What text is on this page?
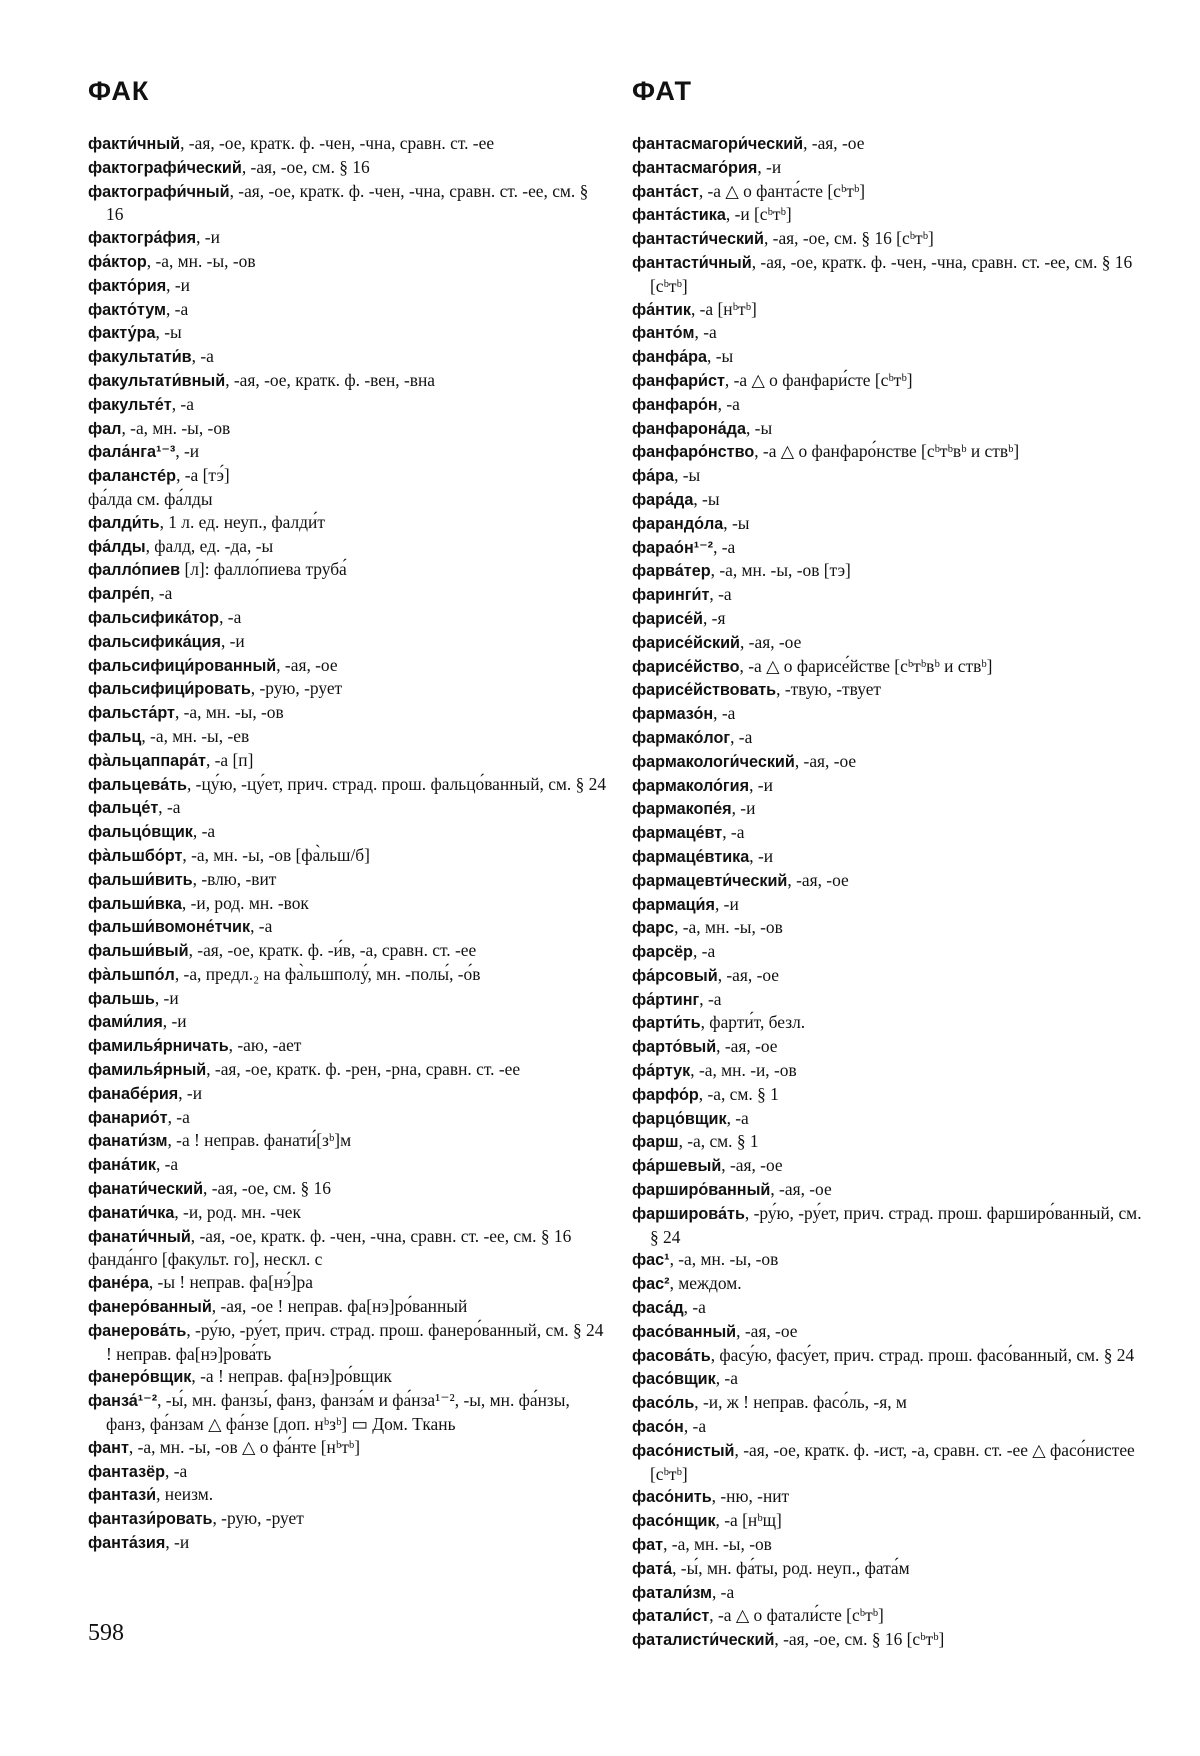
ФАК	ФАТ
факти́чный, -ая, -ое, кратк. ф. -чен, -чна, сравн. ст. -ее
фактографи́ческий, -ая, -ое, см. § 16
фактографи́чный, -ая, -ое, кратк. ф. -чен, -чна, сравн. ст. -ее, см. § 16
фактогра́фия, -и
фа́ктор, -а, мн. -ы, -ов
факто́рия, -и
факто́тум, -а
факту́ра, -ы
факультати́в, -а
факультати́вный, -ая, -ое, кратк. ф. -вен, -вна
факульте́т, -а
фал, -а, мн. -ы, -ов
фала́нга¹⁻³, -и
фаланстéр, -а [тэ́]
фа́лда см. фа́лды
фалди́ть, 1 л. ед. неуп., фалди́т
фа́лды, фалд, ед. -да, -ы
фалло́пиев [л]: фалло́пиева труба́
фалре́п, -а
фальсифика́тор, -а
фальсифика́ция, -и
фальсифици́рованный, -ая, -ое
фальсифици́ровать, -рую, -рует
фальста́рт, -а, мн. -ы, -ов
фальц, -а, мн. -ы, -ев
фа̀льцаппара́т, -а [п]
фальцева́ть, -цу́ю, -цу́ет, прич. страд. прош. фальцо́ванный, см. § 24
фальце́т, -а
фальцо́вщик, -а
фа̀льшбо́рт, -а, мн. -ы, -ов [фа̀льш/б]
фальши́вить, -влю, -вит
фальши́вка, -и, род. мн. -вок
фальши́вомоне́тчик, -а
фальши́вый, -ая, -ое, кратк. ф. -и́в, -а, сравн. ст. -ее
фа̀льшпо́л, -а, предл.₂ на фа̀льшполу́, мн. -полы́, -о́в
фальшь, -и
фами́лия, -и
фамилья́рничать, -аю, -ает
фамилья́рный, -ая, -ое, кратк. ф. -рен, -рна, сравн. ст. -ее
фанабе́рия, -и
фанарио́т, -а
фанати́зм, -а ! неправ. фанати́[зᵇ]м
фана́тик, -а
фанати́ческий, -ая, -ое, см. § 16
фанати́чка, -и, род. мн. -чек
фанати́чный, -ая, -ое, кратк. ф. -чен, -чна, сравн. ст. -ее, см. § 16
фанда́нго [факульт. го], нескл. с
фане́ра, -ы ! неправ. фа[нэ́]ра
фанеро́ванный, -ая, -ое ! неправ. фа[нэ]ро́ванный
фанерова́ть, -ру́ю, -ру́ет, прич. страд. прош. фанеро́ванный, см. § 24 ! неправ. фа[нэ]рова́ть
фанеро́вщик, -а ! неправ. фа[нэ]ро́вщик
фанза́¹⁻², -ы́, мн. фанзы́, фанз, фанза́м и фа́нза¹⁻², -ы, мн. фа́нзы, фанз, фа́нзам △ фа́нзе [доп. нᵇзᵇ] ▭ Дом. Ткань
фант, -а, мн. -ы, -ов △ о фа́нте [нᵇтᵇ]
фантазёр, -а
фантази́, неизм.
фантази́ровать, -рую, -рует
фанта́зия, -и
фантасмагори́ческий, -ая, -ое
фантасмаго́рия, -и
фанта́ст, -а △ о фанта́сте [сᵇтᵇ]
фанта́стика, -и [сᵇтᵇ]
фантасти́ческий, -ая, -ое, см. § 16 [сᵇтᵇ]
фантасти́чный, -ая, -ое, кратк. ф. -чен, -чна, сравн. ст. -ее, см. § 16 [сᵇтᵇ]
фа́нтик, -а [нᵇтᵇ]
фанто́м, -а
фанфа́ра, -ы
фанфари́ст, -а △ о фанфари́сте [сᵇтᵇ]
фанфаро́н, -а
фанфарона́да, -ы
фанфаро́нство, -а △ о фанфаро́нстве [сᵇтᵇвᵇ и ствᵇ]
фа́ра, -ы
фара́да, -ы
фарандо́ла, -ы
фарао́н¹⁻², -а
фарва́тер, -а, мн. -ы, -ов [тэ]
фаринги́т, -а
фарисе́й, -я
фарисе́йский, -ая, -ое
фарисе́йство, -а △ о фарисе́йстве [сᵇтᵇвᵇ и ствᵇ]
фарисе́йствовать, -твую, -твует
фармазо́н, -а
фармако́лог, -а
фармакологи́ческий, -ая, -ое
фармаколо́гия, -и
фармакопе́я, -и
фармаце́вт, -а
фармаце́втика, -и
фармацевти́ческий, -ая, -ое
фармаци́я, -и
фарс, -а, мн. -ы, -ов
фарсёр, -а
фа́рсовый, -ая, -ое
фа́ртинг, -а
фарти́ть, фарти́т, безл.
фарто́вый, -ая, -ое
фа́ртук, -а, мн. -и, -ов
фарфо́р, -а, см. § 1
фарцо́вщик, -а
фарш, -а, см. § 1
фа́ршевый, -ая, -ое
фарширо́ванный, -ая, -ое
фарширова́ть, -ру́ю, -ру́ет, прич. страд. прош. фарширо́ванный, см. § 24
фас¹, -а, мн. -ы, -ов
фас², междом.
фаса́д, -а
фасо́ванный, -ая, -ое
фасова́ть, фасу́ю, фасу́ет, прич. страд. прош. фасо́ванный, см. § 24
фасо́вщик, -а
фасо́ль, -и, ж ! неправ. фасо́ль, -я, м
фасо́н, -а
фасо́нистый, -ая, -ое, кратк. ф. -ист, -а, сравн. ст. -ее △ фасо́нистее [сᵇтᵇ]
фасо́нить, -ню, -нит
фасо́нщик, -а [нᵇщ]
фат, -а, мн. -ы, -ов
фата́, -ы́, мн. фа́ты, род. неуп., фата́м
фатали́зм, -а
фатали́ст, -а △ о фатали́сте [сᵇтᵇ]
фаталисти́ческий, -ая, -ое, см. § 16 [сᵇтᵇ]
598
